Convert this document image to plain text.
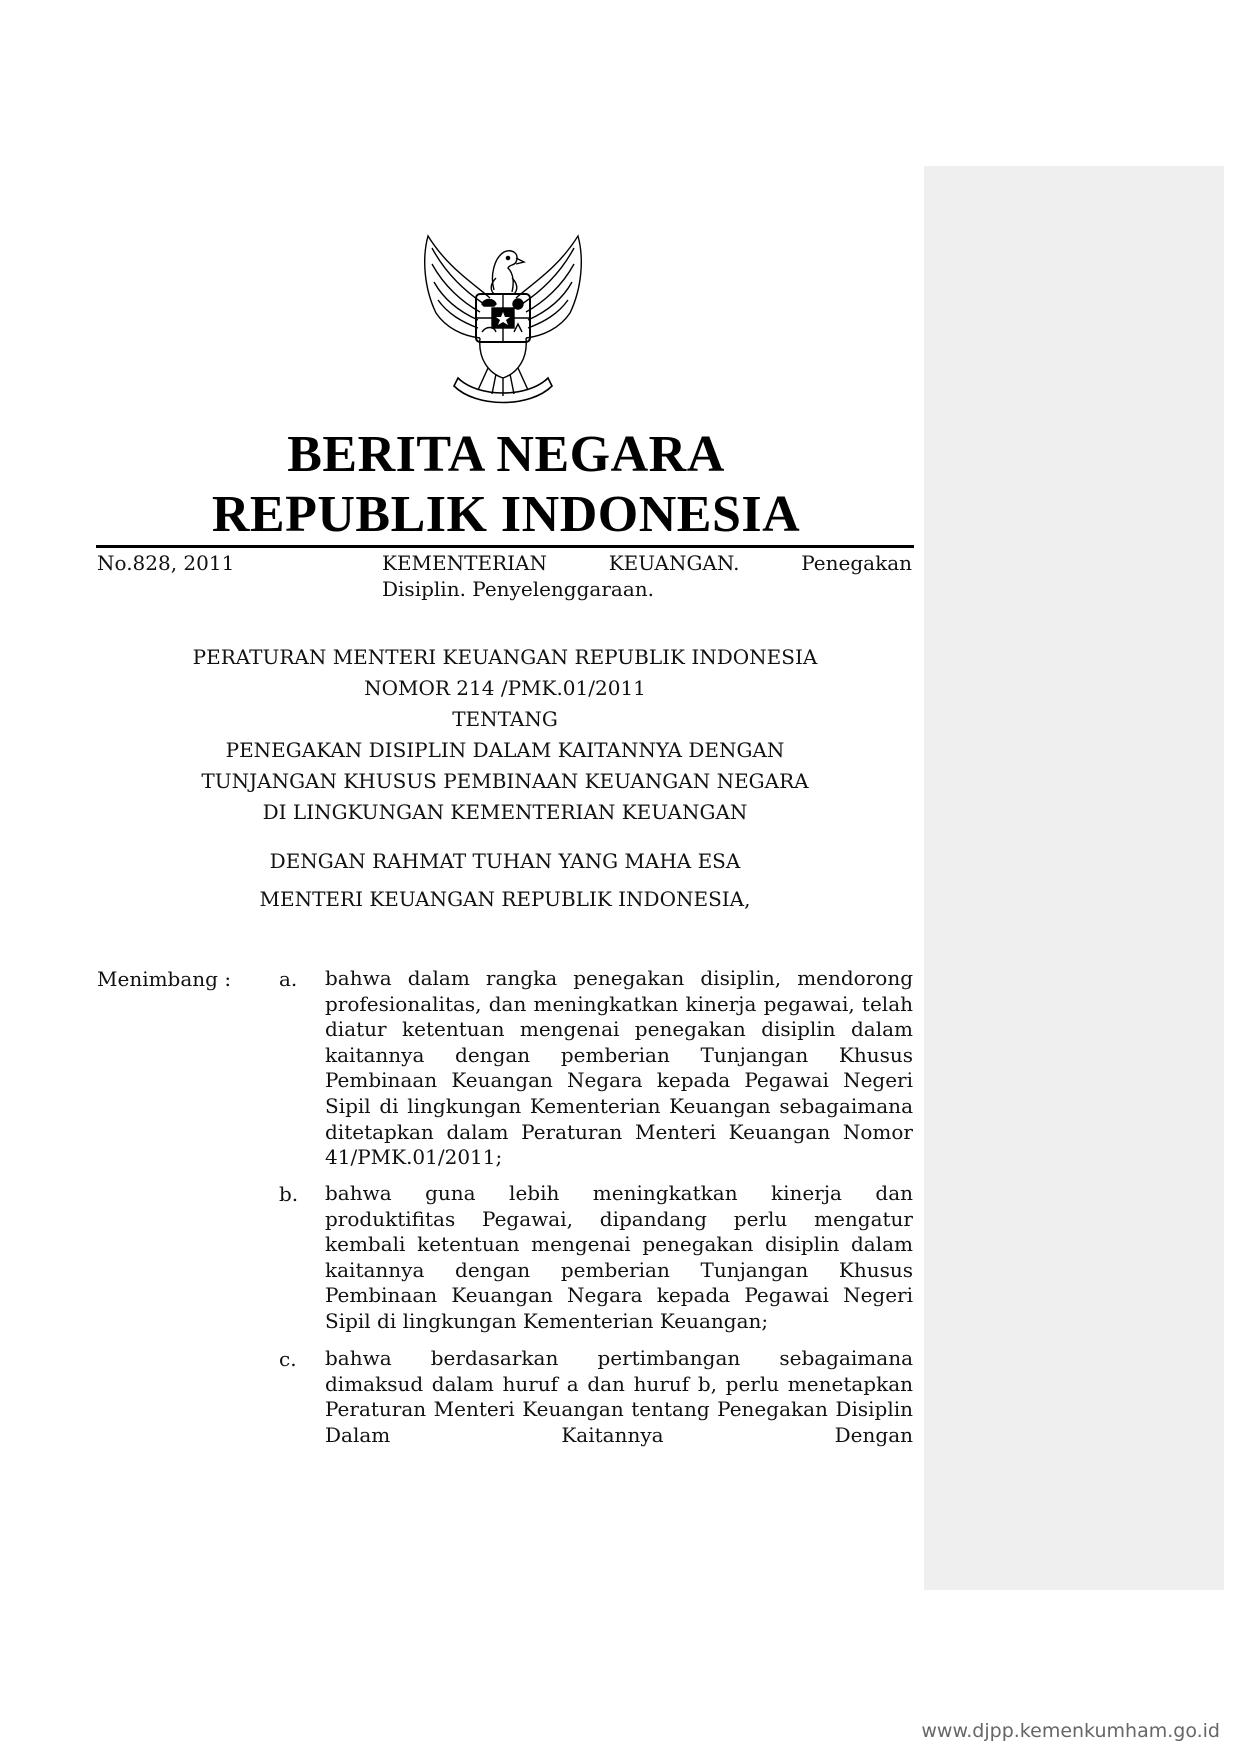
BERITA NEGARA
REPUBLIK INDONESIA
No.828, 2011	KEMENTERIAN	KEUANGAN.	Penegakan
Disiplin. Penyelenggaraan.
PERATURAN MENTERI KEUANGAN REPUBLIK INDONESIA
NOMOR 214 /PMK.01/2011
TENTANG
PENEGAKAN DISIPLIN DALAM KAITANNYA DENGAN
TUNJANGAN KHUSUS PEMBINAAN KEUANGAN NEGARA
DI LINGKUNGAN KEMENTERIAN KEUANGAN
DENGAN RAHMAT TUHAN YANG MAHA ESA
MENTERI KEUANGAN REPUBLIK INDONESIA,
Menimbang : a. bahwa dalam rangka penegakan disiplin, mendorong profesionalitas, dan meningkatkan kinerja pegawai, telah diatur ketentuan mengenai penegakan disiplin dalam kaitannya dengan pemberian Tunjangan Khusus Pembinaan Keuangan Negara kepada Pegawai Negeri Sipil di lingkungan Kementerian Keuangan sebagaimana ditetapkan dalam Peraturan Menteri Keuangan Nomor 41/PMK.01/2011;
b. bahwa guna lebih meningkatkan kinerja dan produktifitas Pegawai, dipandang perlu mengatur kembali ketentuan mengenai penegakan disiplin dalam kaitannya dengan pemberian Tunjangan Khusus Pembinaan Keuangan Negara kepada Pegawai Negeri Sipil di lingkungan Kementerian Keuangan;
c. bahwa berdasarkan pertimbangan sebagaimana dimaksud dalam huruf a dan huruf b, perlu menetapkan Peraturan Menteri Keuangan tentang Penegakan Disiplin Dalam Kaitannya Dengan
www.djpp.kemenkumham.go.id
